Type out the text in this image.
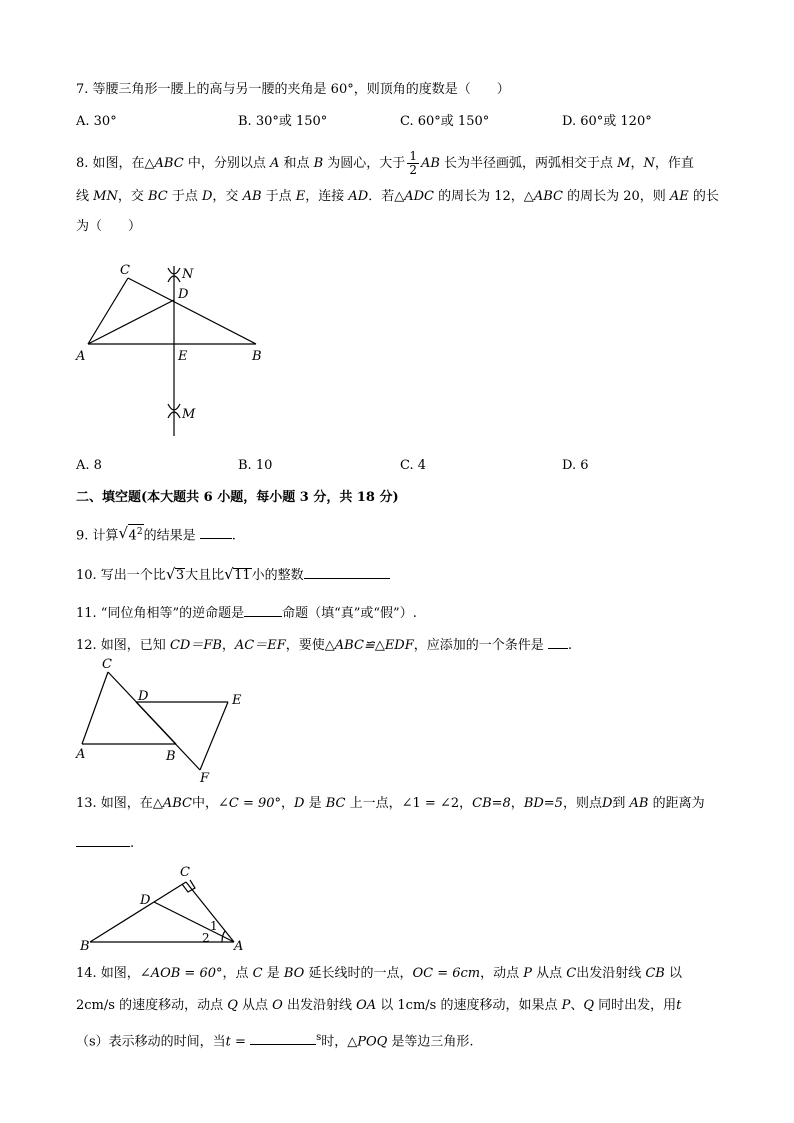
7. 等腰三角形一腰上的高与另一腰的夹角是 60°，则顶角的度数是（　　）
A. 30°	B. 30°或 150°	C. 60°或 150°	D. 60°或 120°
8. 如图，在△ABC 中，分别以点 A 和点 B 为圆心，大于 $\frac{1}{2}$ AB 长为半径画弧，两弧相交于点 M，N，作直
线 MN，交 BC 于点 D，交 AB 于点 E，连接 AD．若△ADC 的周长为 12，△ABC 的周长为 20，则 AE 的长
为（　　）
C	N
D
A	E	B
M
A. 8	B. 10	C. 4	D. 6
二、填空题(本大题共 6 小题，每小题 3 分，共 18 分)
9. 计算 √ $4^2$的结果是 .
10. 写出一个比 √ 3大且比 √ 11小的整数
11. “同位角相等”的逆命题是	命题（填“真”或“假”）.
12. 如图，已知 CD＝FB，AC＝EF，要使△ABC≌△EDF，应添加的一个条件是 .
C
D	E
A	B
F
13. 如图，在△ABC中，∠C = 90°，D 是 BC 上一点，∠1 = ∠2，CB=8，BD=5，则点D到 AB 的距离为
.
C
D
B	A
1
2
14. 如图，∠AOB = 60°，点 C 是 BO 延长线时的一点，OC = 6cm，动点 P 从点 C出发沿射线 CB 以
2cm/s 的速度移动，动点 Q 从点 O 出发沿射线 OA 以 1cm/s 的速度移动，如果点 P、Q 同时出发，用t
（s）表示移动的时间，当t =	$^s$时，△POQ 是等边三角形.
